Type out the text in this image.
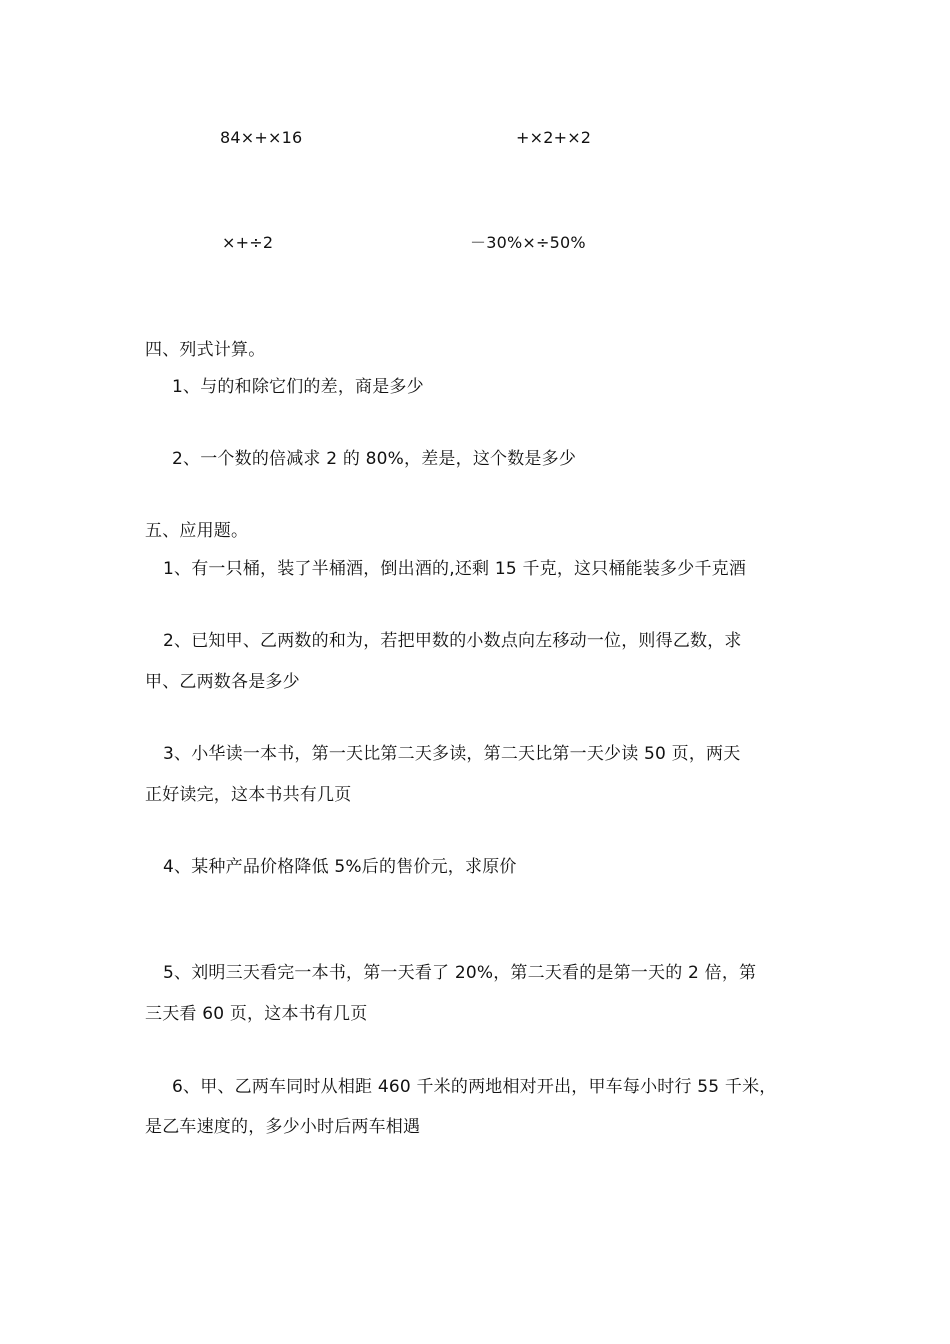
84×+×16	+×2+×2
×+÷2	－30%×÷50%
四、列式计算。
1、与的和除它们的差，商是多少
2、一个数的倍减求 2 的 80%，差是，这个数是多少
五、应用题。
1、有一只桶，装了半桶酒，倒出酒的,还剩 15 千克，这只桶能装多少千克酒
2、已知甲、乙两数的和为，若把甲数的小数点向左移动一位，则得乙数，求
甲、乙两数各是多少
3、小华读一本书，第一天比第二天多读，第二天比第一天少读 50 页，两天
正好读完，这本书共有几页
4、某种产品价格降低 5%后的售价元，求原价
5、刘明三天看完一本书，第一天看了 20%，第二天看的是第一天的 2 倍，第
三天看 60 页，这本书有几页
6、甲、乙两车同时从相距 460 千米的两地相对开出，甲车每小时行 55 千米，
是乙车速度的，多少小时后两车相遇
